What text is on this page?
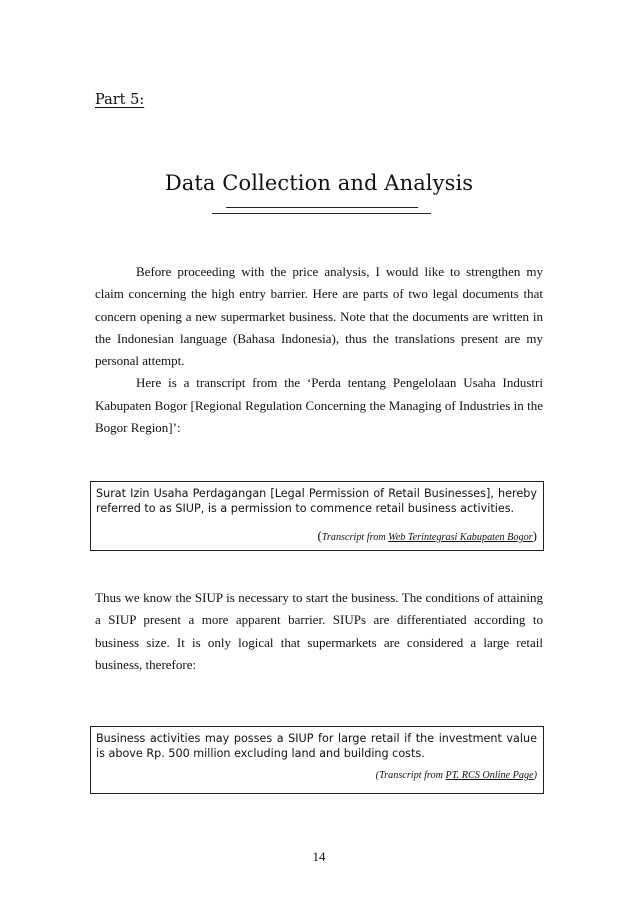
Part 5:
Data Collection and Analysis

Before proceeding with the price analysis, I would like to strengthen my claim concerning the high entry barrier. Here are parts of two legal documents that concern opening a new supermarket business. Note that the documents are written in the Indonesian language (Bahasa Indonesia), thus the translations present are my personal attempt.

Here is a transcript from the ‘Perda tentang Pengelolaan Usaha Industri Kabupaten Bogor [Regional Regulation Concerning the Managing of Industries in the Bogor Region]’:

Surat Izin Usaha Perdagangan [Legal Permission of Retail Businesses], hereby referred to as SIUP, is a permission to commence retail business activities.

(Transcript from Web Terintegrasi Kabupaten Bogor)

Thus we know the SIUP is necessary to start the business. The conditions of attaining a SIUP present a more apparent barrier. SIUPs are differentiated according to business size. It is only logical that supermarkets are considered a large retail business, therefore:

Business activities may posses a SIUP for large retail if the investment value is above Rp. 500 million excluding land and building costs.

(Transcript from PT. RCS Online Page)
14
